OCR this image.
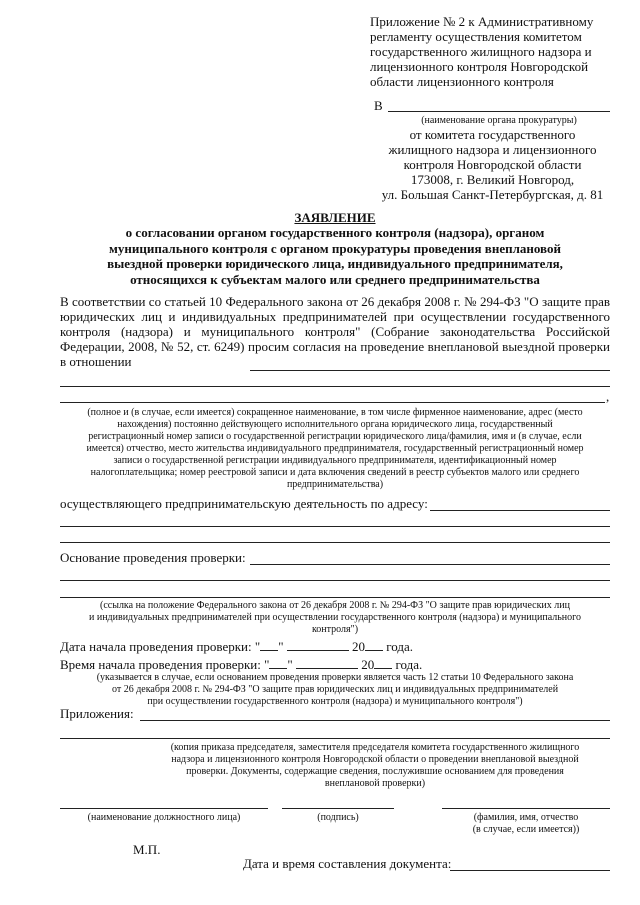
Приложение № 2 к Административному
регламенту осуществления комитетом
государственного жилищного надзора и
лицензионного контроля Новгородской
области лицензионного контроля
В
(наименование органа прокуратуры)
от комитета государственного
жилищного надзора и лицензионного
контроля Новгородской области
173008, г. Великий Новгород,
ул. Большая Санкт-Петербургская, д. 81
ЗАЯВЛЕНИЕ
о согласовании органом государственного контроля (надзора), органом
муниципального контроля с органом прокуратуры проведения внеплановой
выездной проверки юридического лица, индивидуального предпринимателя,
относящихся к субъектам малого или среднего предпринимательства
В соответствии со статьей 10 Федерального закона от 26 декабря 2008 г. № 294-ФЗ "О защите прав
юридических лиц и индивидуальных предпринимателей при осуществлении государственного
контроля (надзора) и муниципального контроля" (Собрание законодательства Российской
Федерации, 2008, № 52, ст. 6249) просим согласия на проведение внеплановой выездной проверки
в отношении
,
(полное и (в случае, если имеется) сокращенное наименование, в том числе фирменное наименование, адрес (место
нахождения) постоянно действующего исполнительного органа юридического лица, государственный
регистрационный номер записи о государственной регистрации юридического лица/фамилия, имя и (в случае, если
имеется) отчество, место жительства индивидуального предпринимателя, государственный регистрационный номер
записи о государственной регистрации индивидуального предпринимателя, идентификационный номер
налогоплательщика; номер реестровой записи и дата включения сведений в реестр субъектов малого или среднего
предпринимательства)
осуществляющего предпринимательскую деятельность по адресу:
Основание проведения проверки:
(ссылка на положение Федерального закона от 26 декабря 2008 г. № 294-ФЗ "О защите прав юридических лиц
и индивидуальных предпринимателей при осуществлении государственного контроля (надзора) и муниципального
контроля")
Дата начала проведения проверки: " "	20 года.
Время начала проведения проверки: " "	20 года.
(указывается в случае, если основанием проведения проверки является часть 12 статьи 10 Федерального закона
от 26 декабря 2008 г. № 294-ФЗ "О защите прав юридических лиц и индивидуальных предпринимателей
при осуществлении государственного контроля (надзора) и муниципального контроля")
Приложения:
(копия приказа председателя, заместителя председателя комитета государственного жилищного
надзора и лицензионного контроля Новгородской области о проведении внеплановой выездной
проверки. Документы, содержащие сведения, послужившие основанием для проведения
внеплановой проверки)
(наименование должностного лица)	(подпись)	(фамилия, имя, отчество
(в случае, если имеется))
М.П.
Дата и время составления документа:
